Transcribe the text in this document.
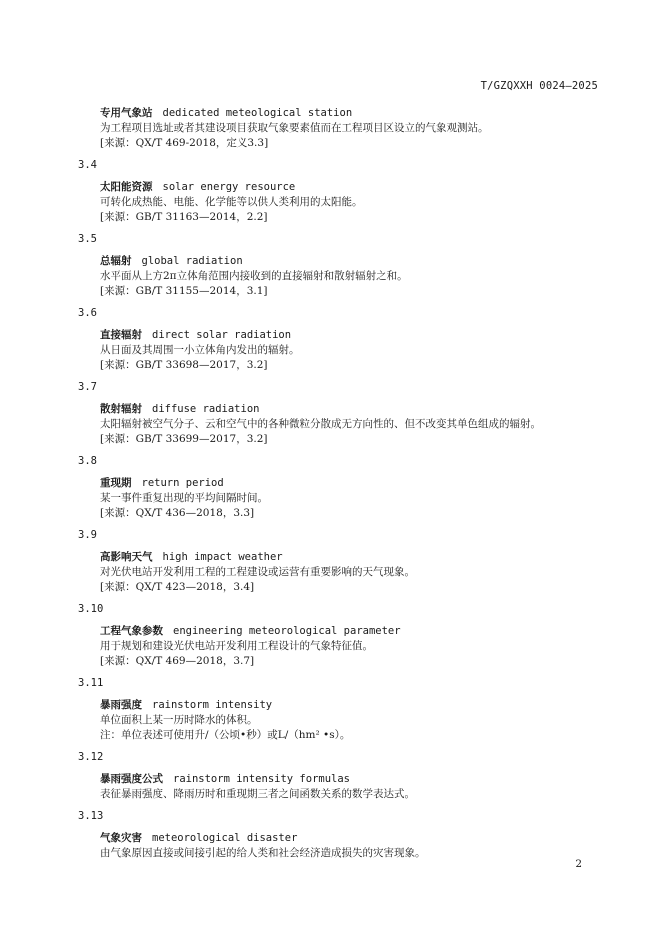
T/GZQXXH 0024—2025
专用气象站 dedicated meteological station
为工程项目选址或者其建设项目获取气象要素值而在工程项目区设立的气象观测站。
[来源：QX/T 469-2018，定义3.3]
3.4
太阳能资源 solar energy resource
可转化成热能、电能、化学能等以供人类利用的太阳能。
[来源：GB/T 31163—2014，2.2]
3.5
总辐射 global radiation
水平面从上方2π立体角范围内接收到的直接辐射和散射辐射之和。
[来源：GB/T 31155—2014，3.1]
3.6
直接辐射 direct solar radiation
从日面及其周围一小立体角内发出的辐射。
[来源：GB/T 33698—2017，3.2]
3.7
散射辐射 diffuse radiation
太阳辐射被空气分子、云和空气中的各种微粒分散成无方向性的、但不改变其单色组成的辐射。
[来源：GB/T 33699—2017，3.2]
3.8
重现期 return period
某一事件重复出现的平均间隔时间。
[来源：QX/T 436—2018，3.3]
3.9
高影响天气 high impact weather
对光伏电站开发利用工程的工程建设或运营有重要影响的天气现象。
[来源：QX/T 423—2018，3.4]
3.10
工程气象参数 engineering meteorological parameter
用于规划和建设光伏电站开发利用工程设计的气象特征值。
[来源：QX/T 469—2018，3.7]
3.11
暴雨强度 rainstorm intensity
单位面积上某一历时降水的体积。
注：单位表述可使用升/（公顷•秒）或L/（hm² •s）。
3.12
暴雨强度公式 rainstorm intensity formulas
表征暴雨强度、降雨历时和重现期三者之间函数关系的数学表达式。
3.13
气象灾害 meteorological disaster
由气象原因直接或间接引起的给人类和社会经济造成损失的灾害现象。
2
